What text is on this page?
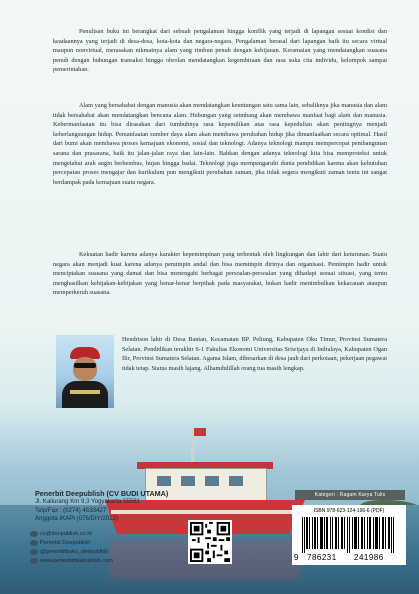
Penulisan buku ini berangkat dari sebuah pengalaman hingga konflik yang terjadi di lapangan sesuai kondisi dan keadaannya yang terjadi di desa-desa, kota-kota dan negara-negara. Pengalaman berasal dari lapangan baik itu secara virtual maupun nonvirtual, merasakan nikmatnya alam yang rimbun penuh dengan kehijauan. Keramaian yang mendatangkan suasana penuh dengan hubungan transaksi hingga obrolan mendatangkan kegembiraan dan rasa suka cita individu, kelompok sampai pemerintahan.

Alam yang bersahabat dengan manusia akan mendatangkan keuntungan satu sama lain, sebaliknya jika manusia dan alam tidak bersahabat akan mendatangkan bencana alam. Hubungan yang seimbang akan membawa manfaat bagi alam dan manusia. Kebermanfaatan itu bisa dirasakan dari tumbuhnya rasa kepemilikan atas rasa kepedulian akan pentingnya menjadi keberlangsungan hidup. Pemanfaatan sumber daya alam akan membawa perubahan hidup jika dimanfaatkan secara optimal. Hasil dari bumi akan membawa proses kemajuan ekonomi, sosial dan teknologi. Adanya teknologi mampu mempercepat pembangunan sarana dan prasarana, baik itu jalan-jalan raya dan lain-lain. Bahkan dengan adanya teknologi kita bisa memproteksi untuk mengetahui arah angin berhembus, hujan hingga badai. Teknologi juga mempengaruhi dunia pendidikan karena akan kebutuhan percepatan proses mengajar dan kurikulum pun mengikuti perubahan zaman, jika tidak segera mengikuti zaman tentu ini sangat berdampak pada kemajuan suatu negara.

Kekuatan hadir karena adanya karakter kepemimpinan yang terbentuk oleh lingkungan dan lahir dari keturunan. Suatu negara akan menjadi kuat karena adanya pemimpin andal dan bisa memimpin dirinya dan organisasi. Pemimpin hadir untuk menciptakan suasana yang damai dan bisa menengahi berbagai persoalan-persoalan yang dihadapi sesuai situasi, yang tentu menghasilkan kebijakan-kebijakan yang benar-benar berpihak pada masyarakat, bukan hadir menimbulkan kekacauan ataupun memperkeruh suasana.

Hendrison lahir di Desa Bantan, Kecamatan BP. Peliung, Kabupaten Oku Timur, Provinsi Sumatera Selatan. Pendidikan terakhir S-1 Fakultas Ekonomi Universitas Sriwijaya di Indralaya, Kabupaten Ogan Ilir, Provinsi Sumatera Selatan. Agama Islam, dibesarkan di desa jauh dari perkotaan, pekerjaan pegawai tidak tetap. Status masih lajang. Alhamdulillah orang tua masih lengkap.

Penerbit Deepublish (CV BUDI UTAMA)
Jl. Kaliurang Km 9,3 Yogyakarta 55581
Telp/Fax : (0274) 4533427
Anggota IKAPI (076/DIY/2012)
cs@deepublish.co.id
Penerbit Deepublish
@penerbitbuku_deepublish
www.penerbitdeepublish.com
Kategori : Ragam Karya Tulis
ISBN 978-623-124-196-6 (PDF)
9 786231 241986
